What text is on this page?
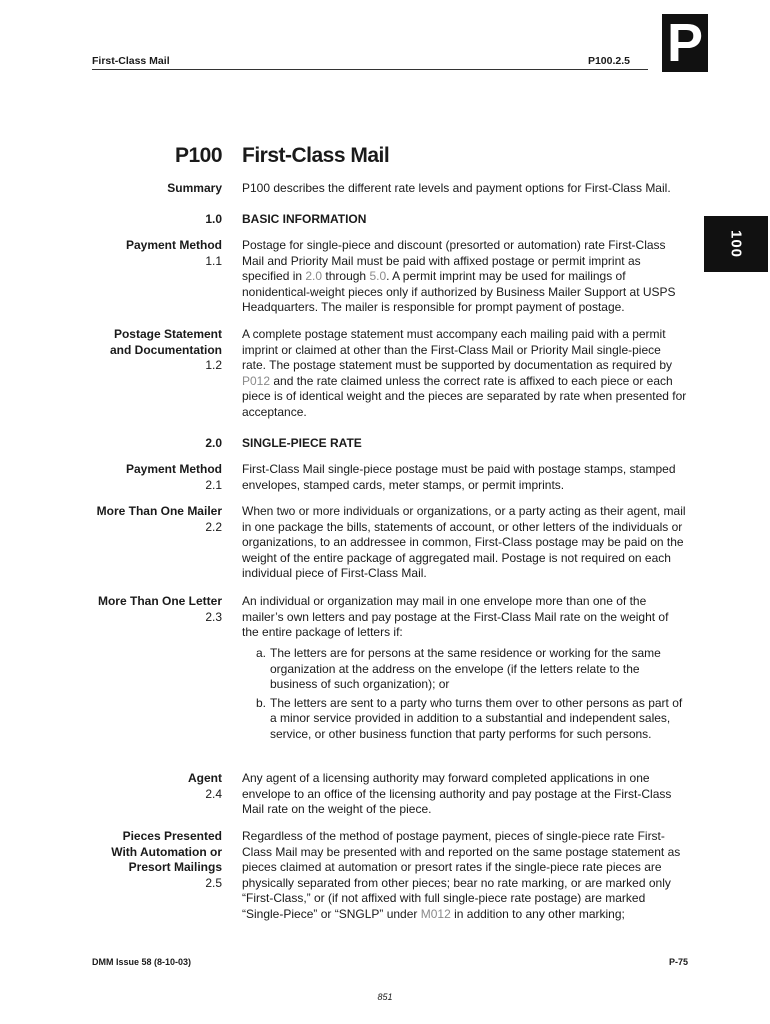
First-Class Mail	P100.2.5 P
100
P100 First-Class Mail
Summary P100 describes the different rate levels and payment options for First-Class Mail.
1.0 BASIC INFORMATION
Payment Method
1.1
Postage for single-piece and discount (presorted or automation) rate First-Class Mail and Priority Mail must be paid with affixed postage or permit imprint as specified in 2.0 through 5.0. A permit imprint may be used for mailings of nonidentical-weight pieces only if authorized by Business Mailer Support at USPS Headquarters. The mailer is responsible for prompt payment of postage.
Postage Statement
and Documentation
1.2
A complete postage statement must accompany each mailing paid with a permit imprint or claimed at other than the First-Class Mail or Priority Mail single-piece rate. The postage statement must be supported by documentation as required by P012 and the rate claimed unless the correct rate is affixed to each piece or each piece is of identical weight and the pieces are separated by rate when presented for acceptance.
2.0 SINGLE-PIECE RATE
Payment Method
2.1
First-Class Mail single-piece postage must be paid with postage stamps, stamped envelopes, stamped cards, meter stamps, or permit imprints.
More Than One Mailer
2.2
When two or more individuals or organizations, or a party acting as their agent, mail in one package the bills, statements of account, or other letters of the individuals or organizations, to an addressee in common, First-Class postage may be paid on the weight of the entire package of aggregated mail. Postage is not required on each individual piece of First-Class Mail.
More Than One Letter
2.3
An individual or organization may mail in one envelope more than one of the mailer’s own letters and pay postage at the First-Class Mail rate on the weight of the entire package of letters if:
a. The letters are for persons at the same residence or working for the same organization at the address on the envelope (if the letters relate to the business of such organization); or
b. The letters are sent to a party who turns them over to other persons as part of a minor service provided in addition to a substantial and independent sales, service, or other business function that party performs for such persons.
Agent
2.4
Any agent of a licensing authority may forward completed applications in one envelope to an office of the licensing authority and pay postage at the First-Class Mail rate on the weight of the piece.
Pieces Presented
With Automation or
Presort Mailings
2.5
Regardless of the method of postage payment, pieces of single-piece rate First-Class Mail may be presented with and reported on the same postage statement as pieces claimed at automation or presort rates if the single-piece rate pieces are physically separated from other pieces; bear no rate marking, or are marked only “First-Class,” or (if not affixed with full single-piece rate postage) are marked “Single-Piece” or “SNGLP” under M012 in addition to any other marking;
DMM Issue 58 (8-10-03)	P-75
851
